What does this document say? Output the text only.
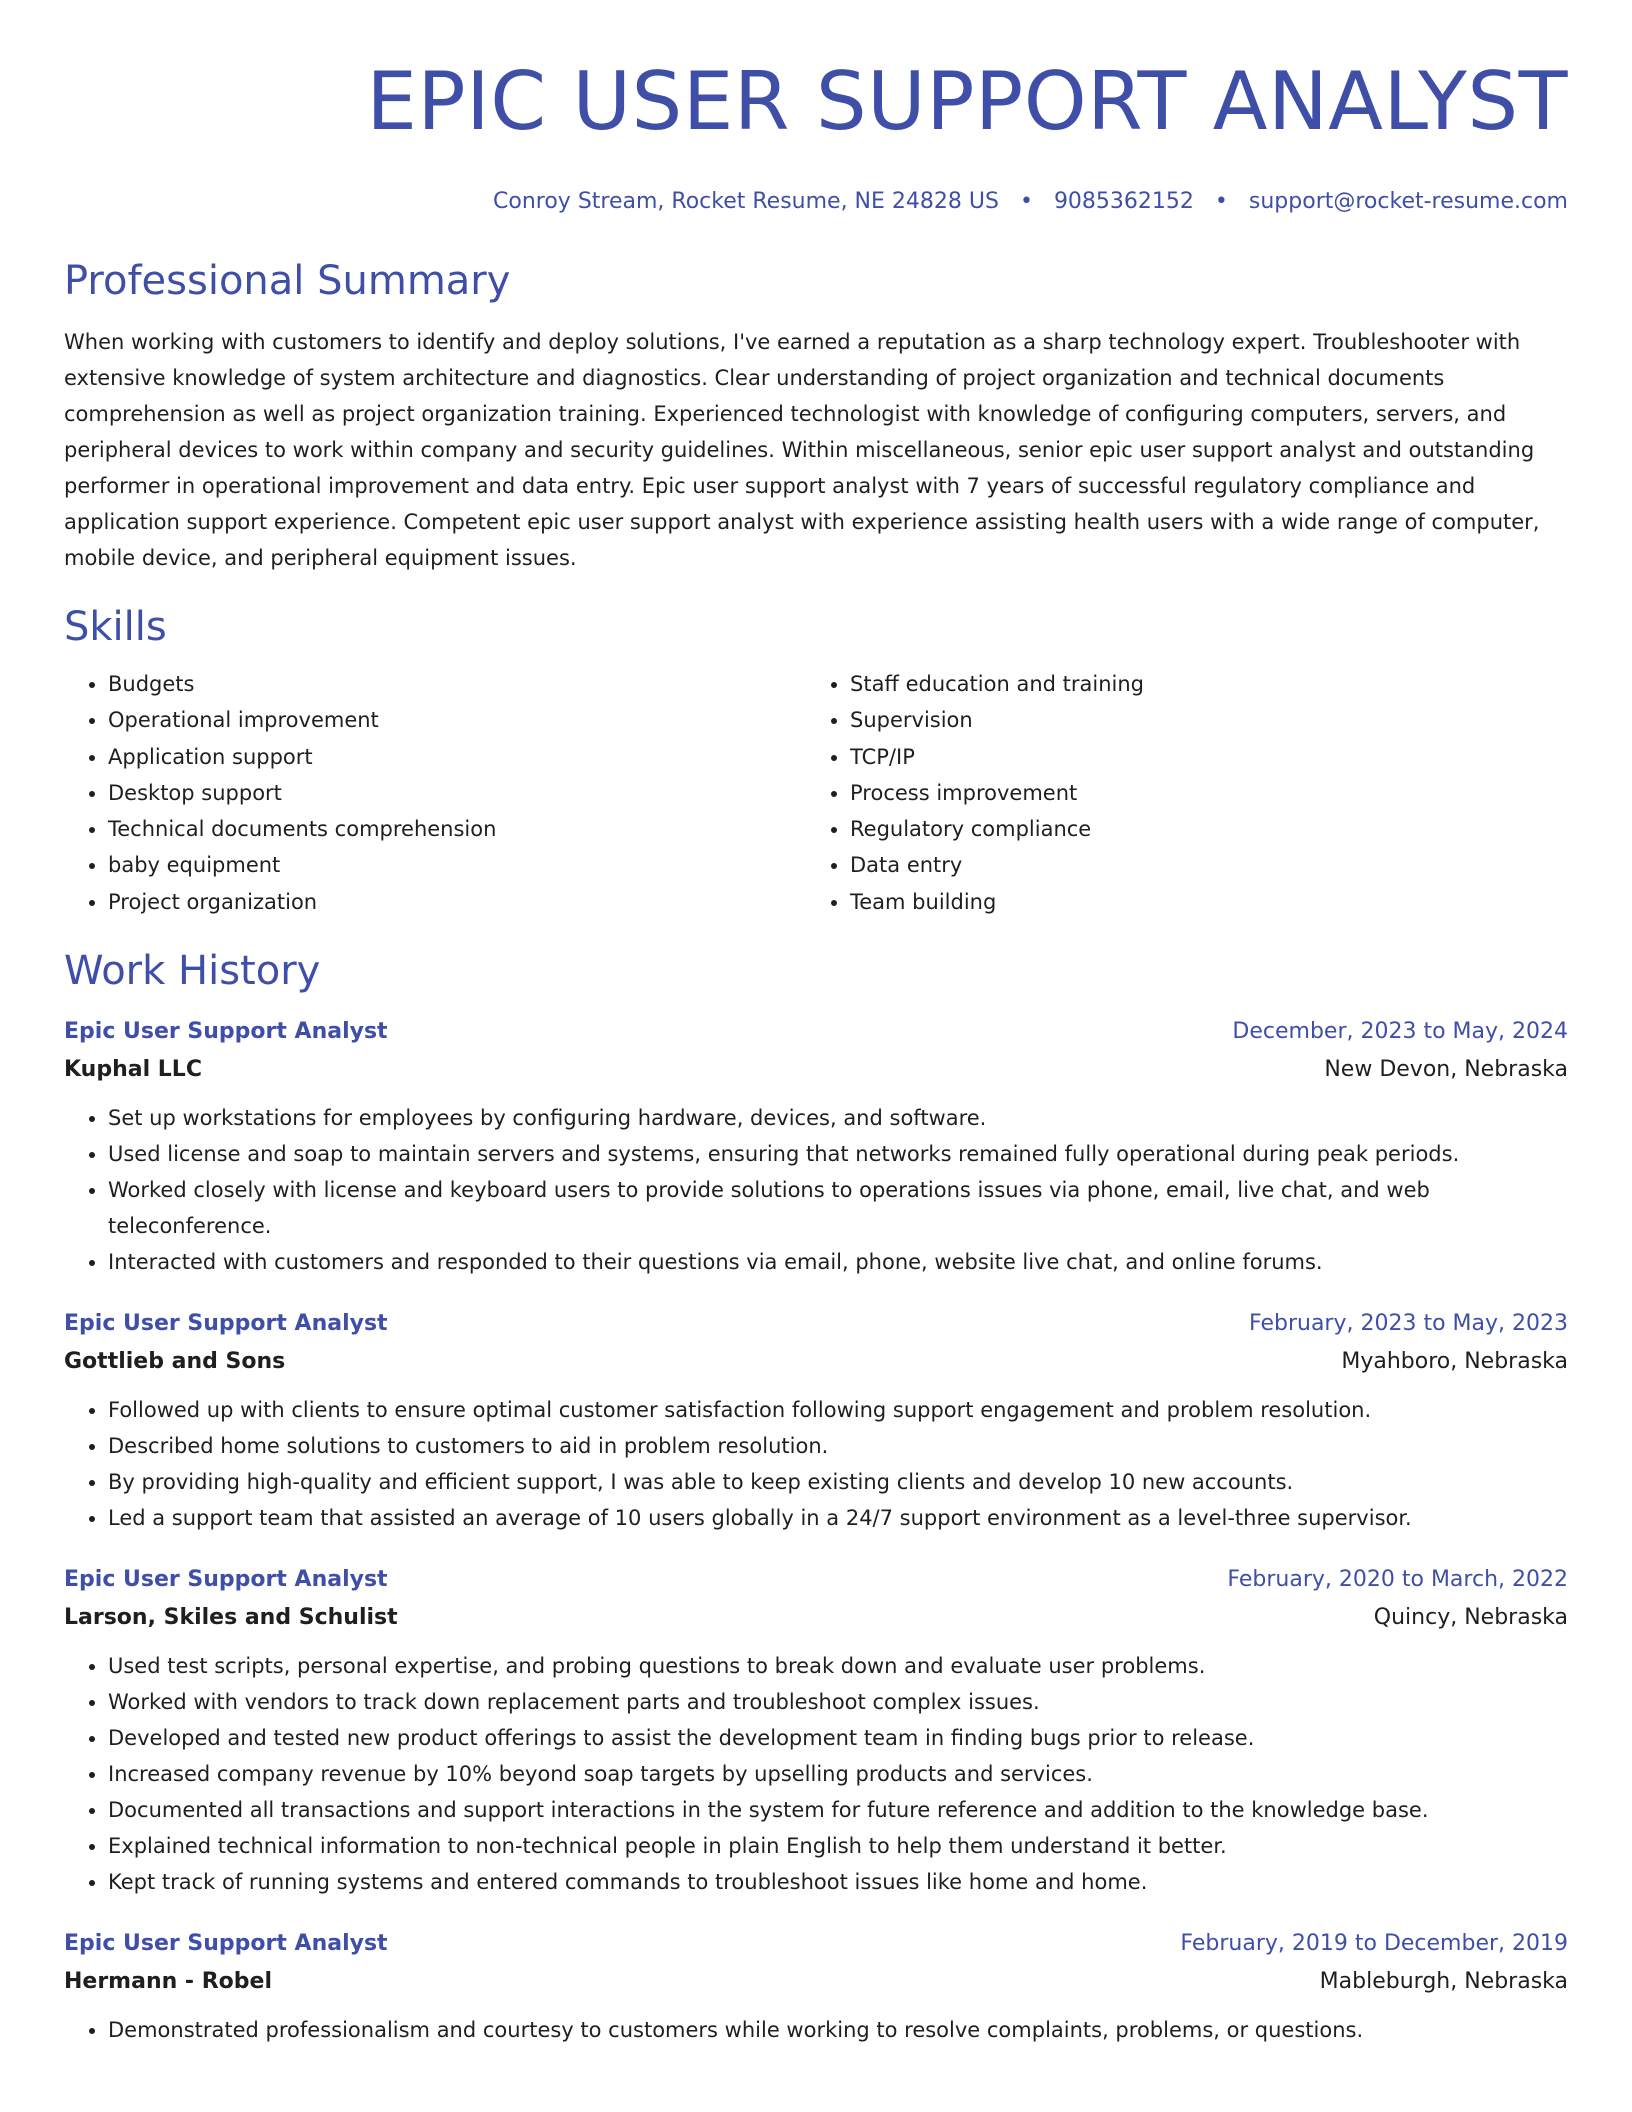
EPIC USER SUPPORT ANALYST
Conroy Stream, Rocket Resume, NE 24828 US • 9085362152 • support@rocket-resume.com
Professional Summary

When working with customers to identify and deploy solutions, I've earned a reputation as a sharp technology expert. Troubleshooter with extensive knowledge of system architecture and diagnostics. Clear understanding of project organization and technical documents comprehension as well as project organization training. Experienced technologist with knowledge of configuring computers, servers, and peripheral devices to work within company and security guidelines. Within miscellaneous, senior epic user support analyst and outstanding performer in operational improvement and data entry. Epic user support analyst with 7 years of successful regulatory compliance and application support experience. Competent epic user support analyst with experience assisting health users with a wide range of computer, mobile device, and peripheral equipment issues.

Skills
• Budgets
• Operational improvement
• Application support
• Desktop support
• Technical documents comprehension
• baby equipment
• Project organization
• Staff education and training
• Supervision
• TCP/IP
• Process improvement
• Regulatory compliance
• Data entry
• Team building
Work History
Epic User Support Analyst	December, 2023 to May, 2024
Kuphal LLC	New Devon, Nebraska
• Set up workstations for employees by configuring hardware, devices, and software.
• Used license and soap to maintain servers and systems, ensuring that networks remained fully operational during peak periods.
• Worked closely with license and keyboard users to provide solutions to operations issues via phone, email, live chat, and web teleconference.
• Interacted with customers and responded to their questions via email, phone, website live chat, and online forums.
Epic User Support Analyst	February, 2023 to May, 2023
Gottlieb and Sons	Myahboro, Nebraska
• Followed up with clients to ensure optimal customer satisfaction following support engagement and problem resolution.
• Described home solutions to customers to aid in problem resolution.
• By providing high-quality and efficient support, I was able to keep existing clients and develop 10 new accounts.
• Led a support team that assisted an average of 10 users globally in a 24/7 support environment as a level-three supervisor.
Epic User Support Analyst	February, 2020 to March, 2022
Larson, Skiles and Schulist	Quincy, Nebraska
• Used test scripts, personal expertise, and probing questions to break down and evaluate user problems.
• Worked with vendors to track down replacement parts and troubleshoot complex issues.
• Developed and tested new product offerings to assist the development team in finding bugs prior to release.
• Increased company revenue by 10% beyond soap targets by upselling products and services.
• Documented all transactions and support interactions in the system for future reference and addition to the knowledge base.
• Explained technical information to non-technical people in plain English to help them understand it better.
• Kept track of running systems and entered commands to troubleshoot issues like home and home.
Epic User Support Analyst	February, 2019 to December, 2019
Hermann - Robel	Mableburgh, Nebraska
• Demonstrated professionalism and courtesy to customers while working to resolve complaints, problems, or questions.
